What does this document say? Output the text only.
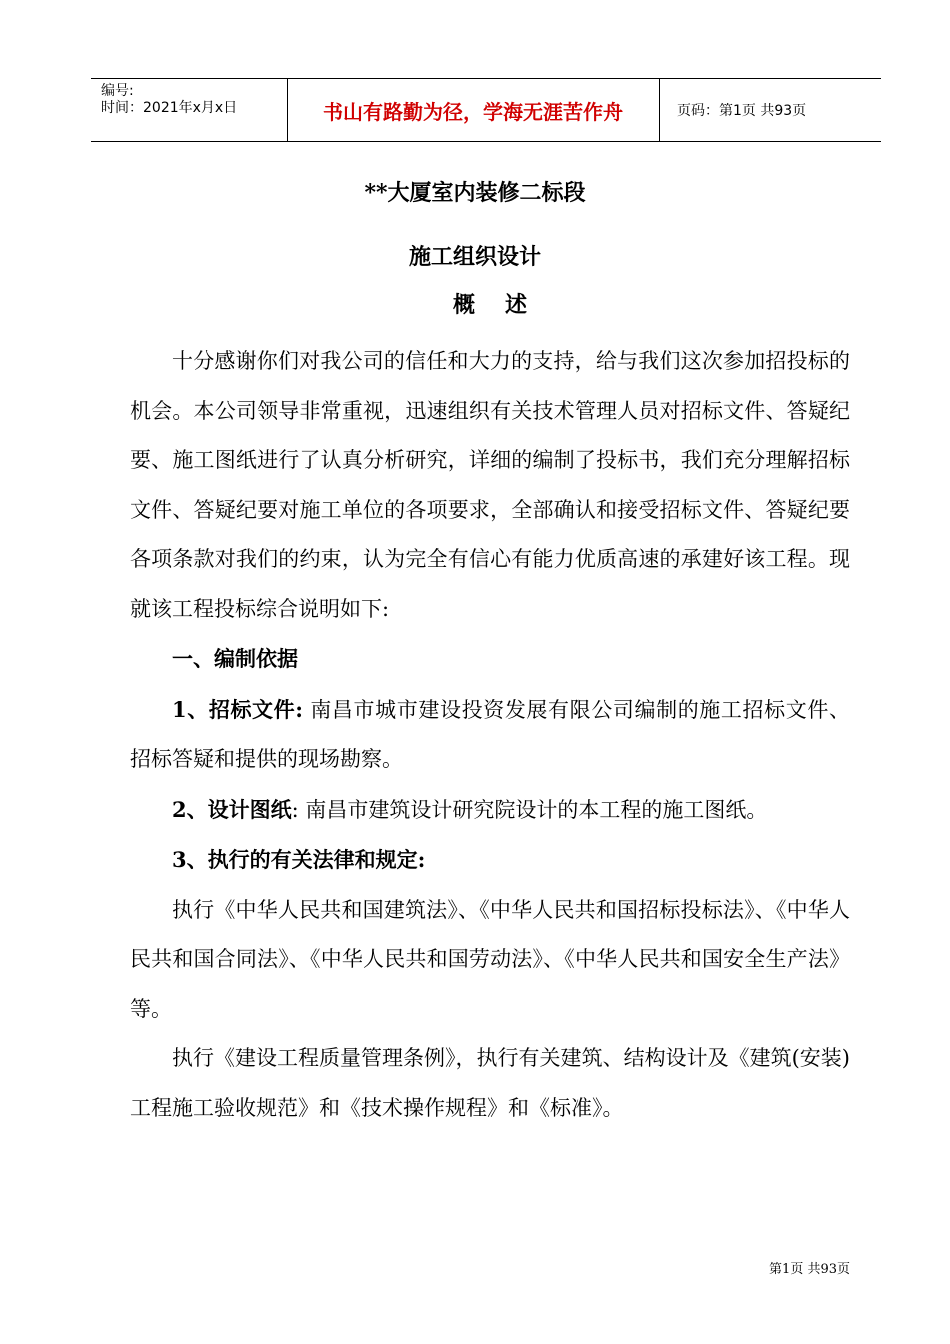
编号:
时间：2021年x月x日	书山有路勤为径，学海无涯苦作舟	页码：第1页 共93页
**大厦室内装修二标段
施工组织设计
概述

十分感谢你们对我公司的信任和大力的支持，给与我们这次参加招投标的机会。本公司领导非常重视，迅速组织有关技术管理人员对招标文件、答疑纪要、施工图纸进行了认真分析研究，详细的编制了投标书，我们充分理解招标文件、答疑纪要对施工单位的各项要求，全部确认和接受招标文件、答疑纪要各项条款对我们的约束，认为完全有信心有能力优质高速的承建好该工程。现就该工程投标综合说明如下:

一、编制依据

1、招标文件: 南昌市城市建设投资发展有限公司编制的施工招标文件、招标答疑和提供的现场勘察。

2、设计图纸: 南昌市建筑设计研究院设计的本工程的施工图纸。

3、执行的有关法律和规定:

执行《中华人民共和国建筑法》、《中华人民共和国招标投标法》、《中华人民共和国合同法》、《中华人民共和国劳动法》、《中华人民共和国安全生产法》 等。

执行《建设工程质量管理条例》，执行有关建筑、结构设计及《建筑(安装)工程施工验收规范》和《技术操作规程》和《标准》。

第1页 共93页
